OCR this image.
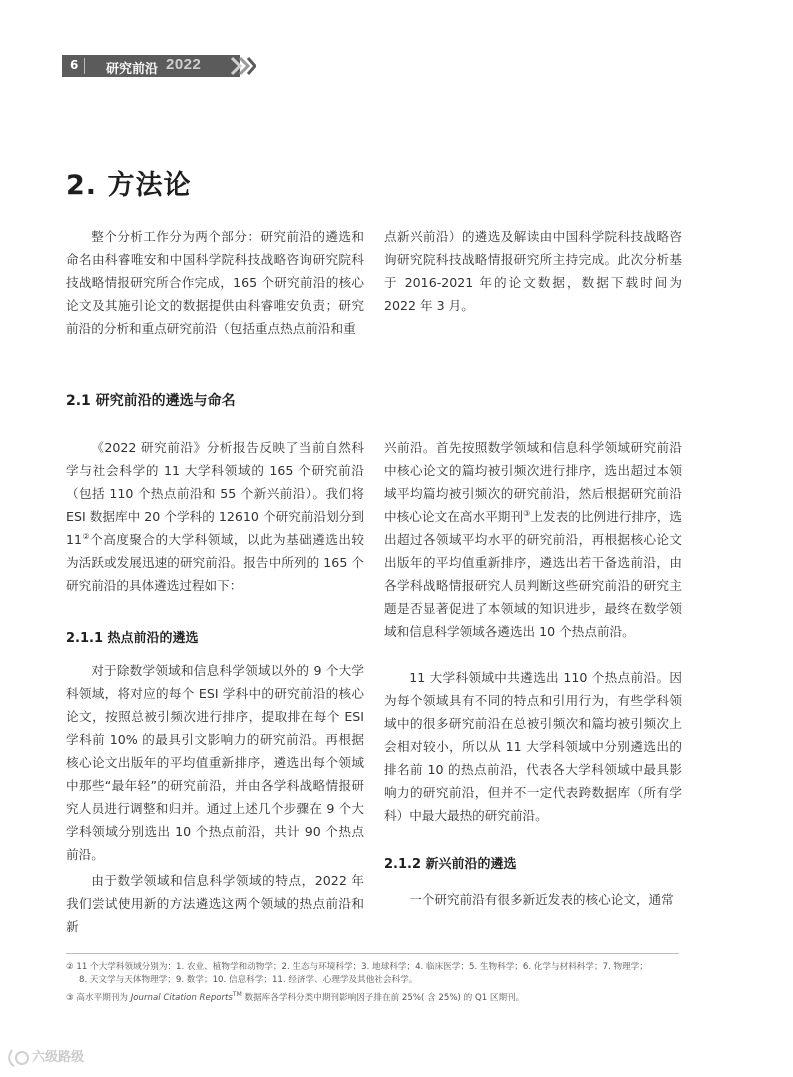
6 研究前沿 2022
2. 方法论

整个分析工作分为两个部分：研究前沿的遴选和命名由科睿唯安和中国科学院科技战略咨询研究院科技战略情报研究所合作完成，165 个研究前沿的核心论文及其施引论文的数据提供由科睿唯安负责；研究前沿的分析和重点研究前沿（包括重点热点前沿和重

点新兴前沿）的遴选及解读由中国科学院科技战略咨询研究院科技战略情报研究所主持完成。此次分析基于 2016-2021 年的论文数据，数据下载时间为 2022 年 3 月。

2.1 研究前沿的遴选与命名

《2022 研究前沿》分析报告反映了当前自然科学与社会科学的 11 大学科领域的 165 个研究前沿（包括 110 个热点前沿和 55 个新兴前沿）。我们将 ESI 数据库中 20 个学科的 12610 个研究前沿划分到 11②个高度聚合的大学科领域，以此为基础遴选出较为活跃或发展迅速的研究前沿。报告中所列的 165 个研究前沿的具体遴选过程如下：

2.1.1 热点前沿的遴选

对于除数学领域和信息科学领域以外的 9 个大学科领域，将对应的每个 ESI 学科中的研究前沿的核心论文，按照总被引频次进行排序，提取排在每个 ESI 学科前 10% 的最具引文影响力的研究前沿。再根据核心论文出版年的平均值重新排序，遴选出每个领域中那些“最年轻”的研究前沿，并由各学科战略情报研究人员进行调整和归并。通过上述几个步骤在 9 个大学科领域分别选出 10 个热点前沿，共计 90 个热点前沿。

由于数学领域和信息科学领域的特点，2022 年我们尝试使用新的方法遴选这两个领域的热点前沿和新

兴前沿。首先按照数学领域和信息科学领域研究前沿中核心论文的篇均被引频次进行排序，选出超过本领域平均篇均被引频次的研究前沿，然后根据研究前沿中核心论文在高水平期刊③上发表的比例进行排序，选出超过各领域平均水平的研究前沿，再根据核心论文出版年的平均值重新排序，遴选出若干备选前沿，由各学科战略情报研究人员判断这些研究前沿的研究主题是否显著促进了本领域的知识进步，最终在数学领域和信息科学领域各遴选出 10 个热点前沿。

11 大学科领域中共遴选出 110 个热点前沿。因为每个领域具有不同的特点和引用行为，有些学科领域中的很多研究前沿在总被引频次和篇均被引频次上会相对较小，所以从 11 大学科领域中分别遴选出的排名前 10 的热点前沿，代表各大学科领域中最具影响力的研究前沿，但并不一定代表跨数据库（所有学科）中最大最热的研究前沿。

2.1.2 新兴前沿的遴选

一个研究前沿有很多新近发表的核心论文，通常

② 11 个大学科领域分别为：1. 农业、植物学和动物学；2. 生态与环境科学；3. 地球科学；4. 临床医学；5. 生物科学；6. 化学与材料科学；7. 物理学；
8. 天文学与天体物理学；9. 数学；10. 信息科学；11. 经济学、心理学及其他社会科学。
③ 高水平期刊为 Journal Citation Reports™ 数据库各学科分类中期刊影响因子排在前 25%( 含 25%) 的 Q1 区期刊。
六级路级
